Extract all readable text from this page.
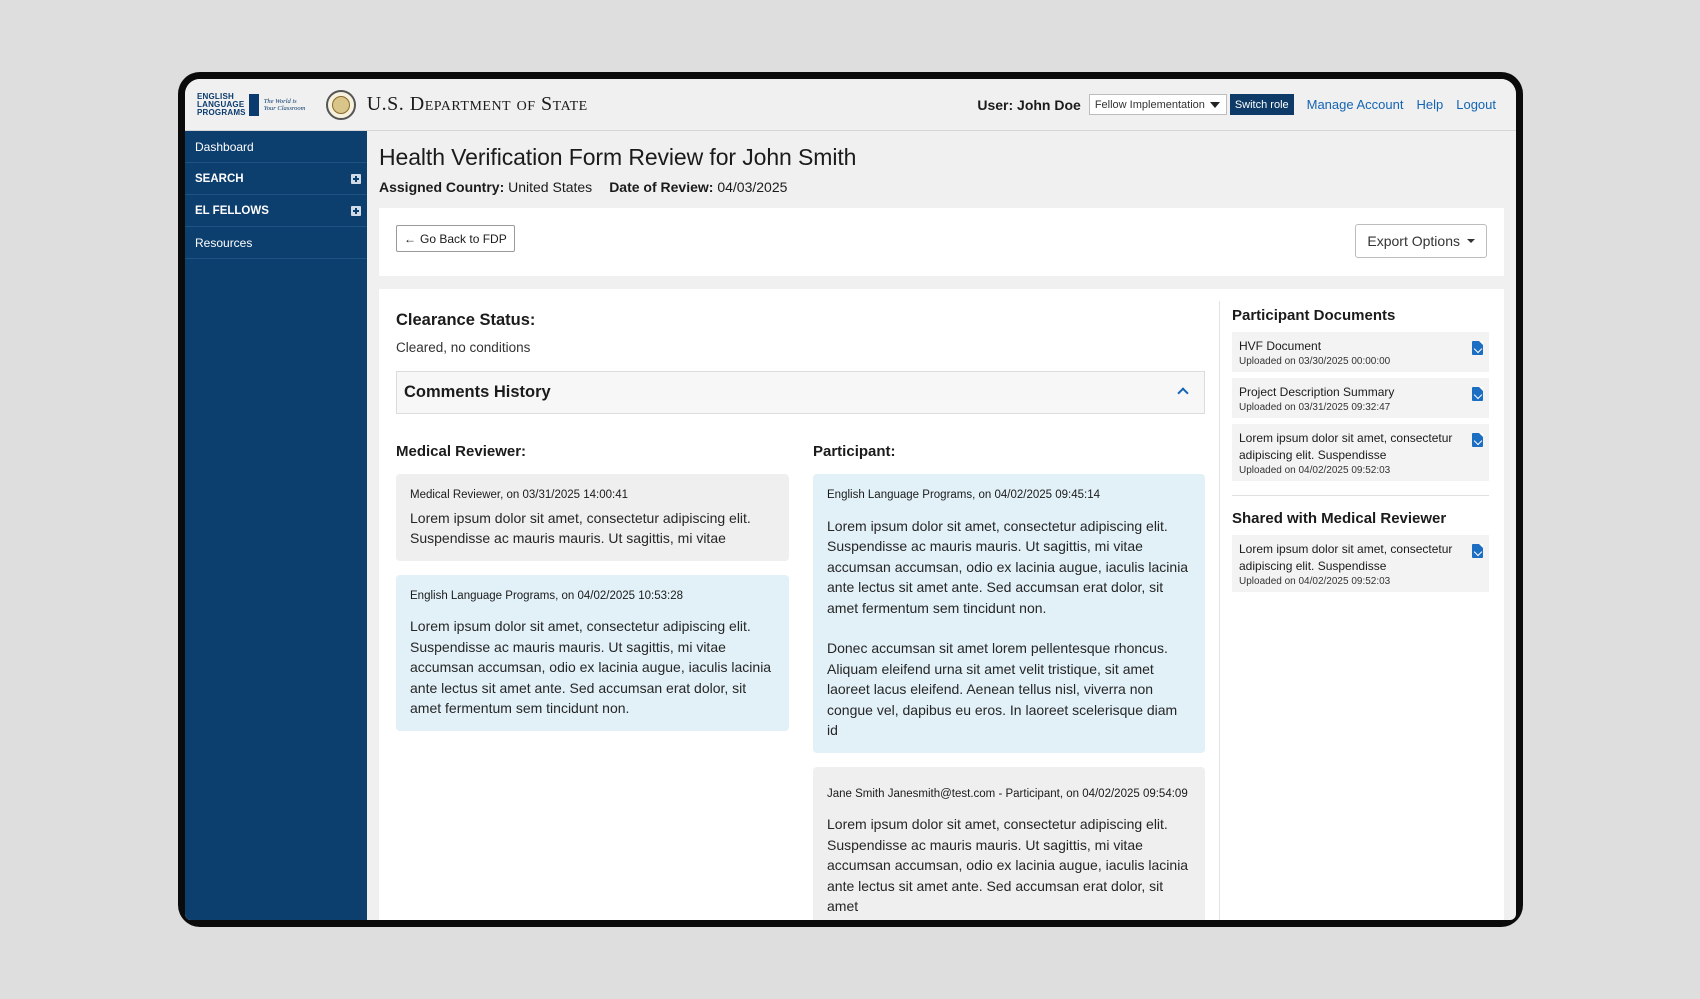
ENGLISH
LANGUAGE
PROGRAMS
The World is Your Classroom	U.S. DEPARTMENT OF STATE	User: John Doe Fellow Implementation	Switch role	Manage Account Help Logout
Dashboard
SEARCH
EL FELLOWS
Resources
Health Verification Form Review for John Smith
Assigned Country: United States Date of Review: 04/03/2025
← Go Back to FDP	Export Options
Clearance Status:
Cleared, no conditions
Comments History
Medical Reviewer:
Medical Reviewer, on 03/31/2025 14:00:41

Lorem ipsum dolor sit amet, consectetur adipiscing elit. Suspendisse ac mauris mauris. Ut sagittis, mi vitae

English Language Programs, on 04/02/2025 10:53:28

Lorem ipsum dolor sit amet, consectetur adipiscing elit. Suspendisse ac mauris mauris. Ut sagittis, mi vitae accumsan accumsan, odio ex lacinia augue, iaculis lacinia ante lectus sit amet ante. Sed accumsan erat dolor, sit amet fermentum sem tincidunt non.

Participant:
English Language Programs, on 04/02/2025 09:45:14

Lorem ipsum dolor sit amet, consectetur adipiscing elit. Suspendisse ac mauris mauris. Ut sagittis, mi vitae accumsan accumsan, odio ex lacinia augue, iaculis lacinia ante lectus sit amet ante. Sed accumsan erat dolor, sit amet fermentum sem tincidunt non.

Donec accumsan sit amet lorem pellentesque rhoncus. Aliquam eleifend urna sit amet velit tristique, sit amet laoreet lacus eleifend. Aenean tellus nisl, viverra non congue vel, dapibus eu eros. In laoreet scelerisque diam id

Jane Smith Janesmith@test.com - Participant, on 04/02/2025 09:54:09

Lorem ipsum dolor sit amet, consectetur adipiscing elit. Suspendisse ac mauris mauris. Ut sagittis, mi vitae accumsan accumsan, odio ex lacinia augue, iaculis lacinia ante lectus sit amet ante. Sed accumsan erat dolor, sit amet

Participant Documents
HVF Document
Uploaded on 03/30/2025 00:00:00
Project Description Summary
Uploaded on 03/31/2025 09:32:47
Lorem ipsum dolor sit amet, consectetur adipiscing elit. Suspendisse
Uploaded on 04/02/2025 09:52:03
Shared with Medical Reviewer
Lorem ipsum dolor sit amet, consectetur adipiscing elit. Suspendisse
Uploaded on 04/02/2025 09:52:03
